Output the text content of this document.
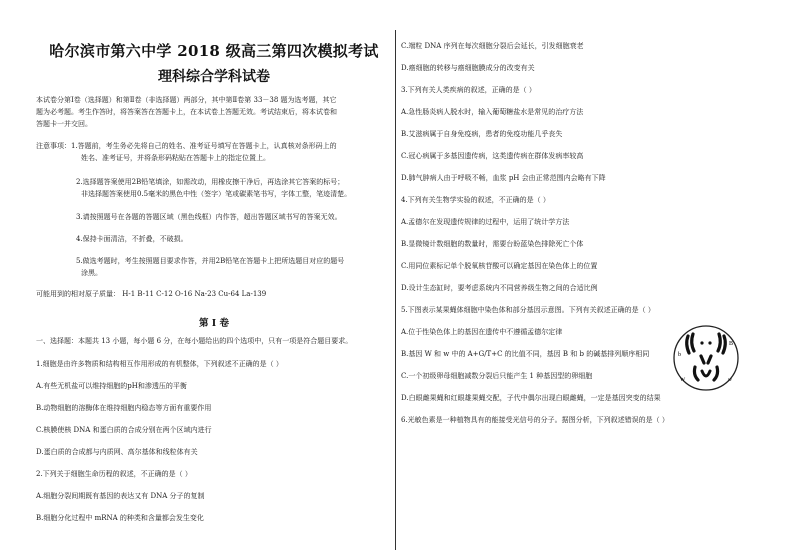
哈尔滨市第六中学 2018 级高三第四次模拟考试
理科综合学科试卷
本试卷分第Ⅰ卷（选择题）和第Ⅱ卷（非选择题）两部分，其中第Ⅱ卷第 33－38 题为选考题，其它
题为必考题。考生作答时，将答案答在答题卡上，在本试卷上答题无效。考试结束后，将本试卷和
答题卡一并交回。
注意事项：1.答题前，考生务必先将自己的姓名、准考证号填写在答题卡上，认真核对条形码上的
姓名、准考证号，并将条形码粘贴在答题卡上的指定位置上。
2.选择题答案使用2B铅笔填涂，如需改动，用橡皮擦干净后，再选涂其它答案的标号；
非选择题答案使用0.5毫米的黑色中性（签字）笔或碳素笔书写，字体工整，笔迹清楚。
3.请按照题号在各题的答题区域（黑色线框）内作答，超出答题区域书写的答案无效。
4.保持卡面清洁，不折叠，不破损。
5.做选考题时，考生按照题目要求作答，并用2B铅笔在答题卡上把所选题目对应的题号
涂黑。
可能用到的相对原子质量： H-1 B-11 C-12 O-16 Na-23 Cu-64 La-139
第 Ⅰ 卷
一、选择题：本题共 13 小题，每小题 6 分，在每小题给出的四个选项中，只有一项是符合题目要求。
1.细胞是由许多物质和结构相互作用形成的有机整体，下列叙述不正确的是（ ）
A.有些无机盐可以维持细胞的pH和渗透压的平衡
B.动物细胞的溶酶体在维持细胞内稳态等方面有重要作用
C.核膜使核 DNA 和蛋白质的合成分别在两个区域内进行
D.蛋白质的合成都与内质网、高尔基体和线粒体有关
2.下列关于细胞生命历程的叙述，不正确的是（ ）
A.细胞分裂间期既有基因的表达又有 DNA 分子的复制
B.细胞分化过程中 mRNA 的种类和含量都会发生变化
C.端粒 DNA 序列在每次细胞分裂后会延长，引发细胞衰老
D.癌细胞的转移与癌细胞膜成分的改变有关
3.下列有关人类疾病的叙述，正确的是（ ）
A.急性肠炎病人脱水时，输入葡萄糖盐水是常见的治疗方法
B.艾滋病属于自身免疫病，患者的免疫功能几乎丧失
C.冠心病属于多基因遗传病，这类遗传病在群体发病率较高
D.肺气肿病人由于呼吸不畅，血浆 pH 会由正常范围内会略有下降
4.下列有关生物学实验的叙述，不正确的是（ ）
A.孟德尔在发现遗传规律的过程中，运用了统计学方法
B.显微镜计数细胞的数量时，需要台盼蓝染色排除死亡个体
C.用同位素标记单个脱氧核苷酸可以确定基因在染色体上的位置
D.设计生态缸时，要考虑系统内不同营养级生物之间的合适比例
5.下图表示某果蝇体细胞中染色体和部分基因示意图。下列有关叙述正确的是（ ）
A.位于性染色体上的基因在遗传中不遵循孟德尔定律
B.基因 W 和 w 中的 A+G/T+C 的比值不同，基因 B 和 b 的碱基排列顺序相同
C.一个初级卵母细胞减数分裂后只能产生 1 种基因型的卵细胞
D.白眼雌果蝇和红眼雄果蝇交配，子代中偶尔出现白眼雌蝇，一定是基因突变的结果
6.光敏色素是一种植物具有的能接受光信号的分子。据图分析，下列叙述错误的是（ ）
B
b
W	w
